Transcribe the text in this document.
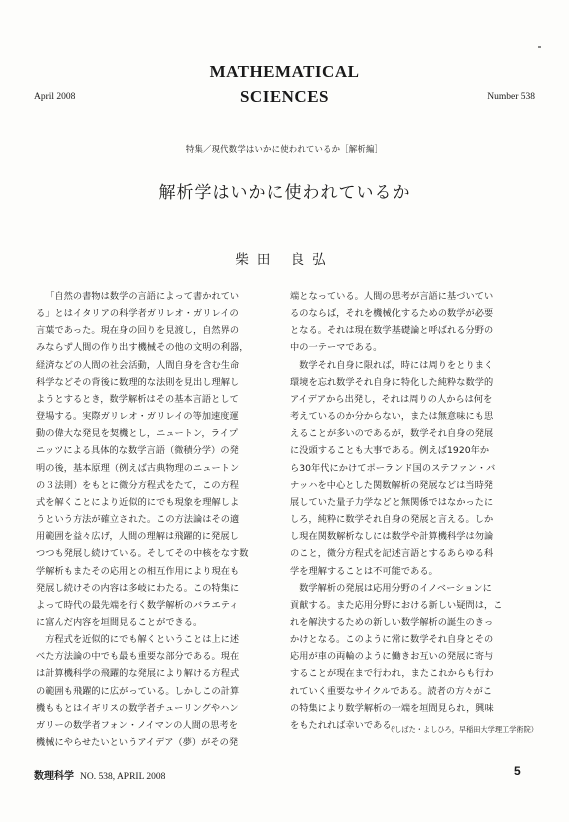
MATHEMATICAL
SCIENCES
April 2008	Number 538
特集／現代数学はいかに使われているか［解析編］
解析学はいかに使われているか
柴田 良弘

「自然の書物は数学の言語によって書かれてい
る」とはイタリアの科学者ガリレオ・ガリレイの
言葉であった。現在身の回りを見渡し，自然界の
みならず人間の作り出す機械その他の文明の利器，
経済などの人間の社会活動，人間自身を含む生命
科学などその背後に数理的な法則を見出し理解し
ようとするとき，数学解析はその基本言語として
登場する。実際ガリレオ・ガリレイの等加速度運
動の偉大な発見を契機とし，ニュートン，ライプ
ニッツによる具体的な数学言語（微積分学）の発
明の後，基本原理（例えば古典物理のニュートン
の３法則）をもとに微分方程式をたて，この方程
式を解くことにより近似的にでも現象を理解しよ
うという方法が確立された。この方法論はその適
用範囲を益々広げ，人間の理解は飛躍的に発展し
つつも発展し続けている。そしてその中核をなす数
学解析もまたその応用との相互作用により現在も
発展し続けその内容は多岐にわたる。この特集に
よって時代の最先端を行く数学解析のバラエティ
に富んだ内容を垣間見ることができる。

方程式を近似的にでも解くということは上に述
べた方法論の中でも最も重要な部分である。現在
は計算機科学の飛躍的な発展により解ける方程式
の範囲も飛躍的に広がっている。しかしこの計算
機ももとはイギリスの数学者チューリングやハン
ガリーの数学者フォン・ノイマンの人間の思考を
機械にやらせたいというアイデア（夢）がその発

端となっている。人間の思考が言語に基づいてい
るのならば，それを機械化するための数学が必要
となる。それは現在数学基礎論と呼ばれる分野の
中の一テーマである。

数学それ自身に限れば，時には周りをとりまく
環境を忘れ数学それ自身に特化した純粋な数学的
アイデアから出発し，それは周りの人からは何を
考えているのか分からない，または無意味にも思
えることが多いのであるが，数学それ自身の発展
に没頭することも大事である。例えば1920年か
ら30年代にかけてポーランド国のステファン・バ
ナッハを中心とした関数解析の発展などは当時発
展していた量子力学などと無関係ではなかったに
しろ，純粋に数学それ自身の発展と言える。しか
し現在関数解析なしには数学や計算機科学は勿論
のこと，微分方程式を記述言語とするあらゆる科
学を理解することは不可能である。

数学解析の発展は応用分野のイノベーションに
貢献する。また応用分野における新しい疑問は，こ
れを解決するための新しい数学解析の誕生のきっ
かけとなる。このように常に数学それ自身とその
応用が車の両輪のように働きお互いの発展に寄与
することが現在まで行われ，またこれからも行わ
れていく重要なサイクルである。読者の方々がこ
の特集により数学解析の一端を垣間見られ，興味
をもたれれば幸いである。

（しばた・よしひろ，早稲田大学理工学術院）
数理科学 NO. 538, APRIL 2008	5
